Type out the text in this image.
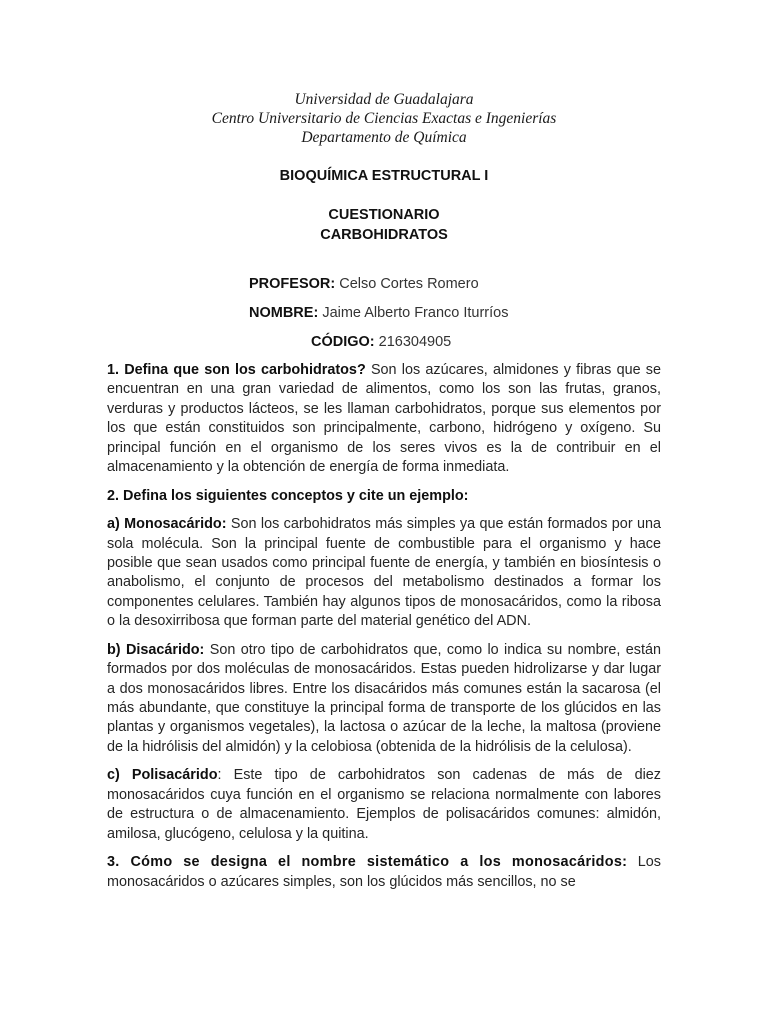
Universidad de Guadalajara
Centro Universitario de Ciencias Exactas e Ingenierías
Departamento de Química
BIOQUÍMICA ESTRUCTURAL I
CUESTIONARIO
CARBOHIDRATOS
PROFESOR: Celso Cortes Romero
NOMBRE: Jaime Alberto Franco Iturríos
CÓDIGO: 216304905

1. Defina que son los carbohidratos? Son los azúcares, almidones y fibras que se encuentran en una gran variedad de alimentos, como los son las frutas, granos, verduras y productos lácteos, se les llaman carbohidratos, porque sus elementos por los que están constituidos son principalmente, carbono, hidrógeno y oxígeno. Su principal función en el organismo de los seres vivos es la de contribuir en el almacenamiento y la obtención de energía de forma inmediata.

2. Defina los siguientes conceptos y cite un ejemplo:

a) Monosacárido: Son los carbohidratos más simples ya que están formados por una sola molécula. Son la principal fuente de combustible para el organismo y hace posible que sean usados como principal fuente de energía, y también en biosíntesis o anabolismo, el conjunto de procesos del metabolismo destinados a formar los componentes celulares. También hay algunos tipos de monosacáridos, como la ribosa o la desoxirribosa que forman parte del material genético del ADN.

b) Disacárido: Son otro tipo de carbohidratos que, como lo indica su nombre, están formados por dos moléculas de monosacáridos. Estas pueden hidrolizarse y dar lugar a dos monosacáridos libres. Entre los disacáridos más comunes están la sacarosa (el más abundante, que constituye la principal forma de transporte de los glúcidos en las plantas y organismos vegetales), la lactosa o azúcar de la leche, la maltosa (proviene de la hidrólisis del almidón) y la celobiosa (obtenida de la hidrólisis de la celulosa).

c) Polisacárido: Este tipo de carbohidratos son cadenas de más de diez monosacáridos cuya función en el organismo se relaciona normalmente con labores de estructura o de almacenamiento. Ejemplos de polisacáridos comunes: almidón, amilosa, glucógeno, celulosa y la quitina.

3. Cómo se designa el nombre sistemático a los monosacáridos: Los monosacáridos o azúcares simples, son los glúcidos más sencillos, no se
